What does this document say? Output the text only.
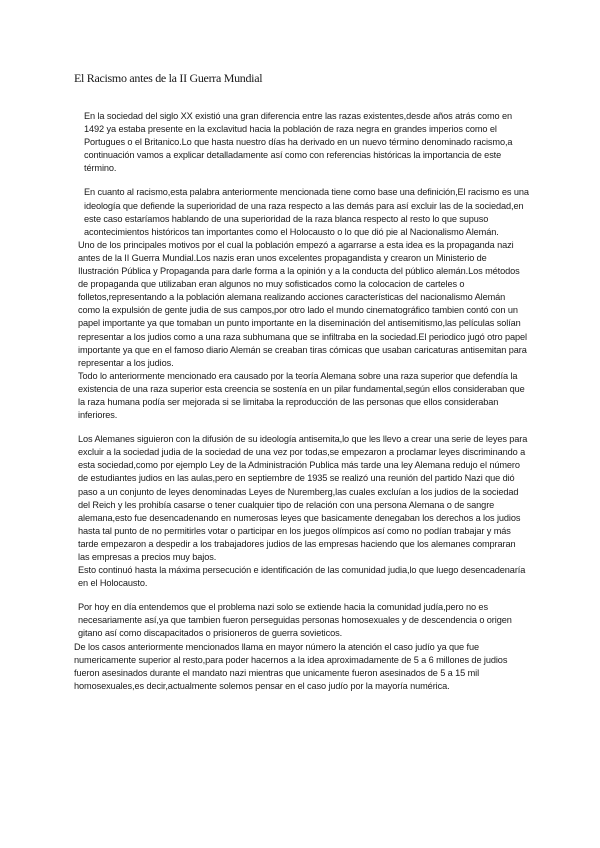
El Racismo antes de la II Guerra Mundial

En la sociedad del siglo XX existió una gran diferencia entre las razas existentes,desde años atrás como en 1492 ya estaba presente en la exclavitud hacia la población de raza negra en grandes imperios como el Portugues o el Britanico.Lo que hasta nuestro días ha derivado en un nuevo término denominado racismo,a continuación vamos a explicar detalladamente así como con referencias históricas la importancia de este término.

En cuanto al racismo,esta palabra anteriormente mencionada tiene como base una definición,El racismo es una ideología que defiende la superioridad de una raza respecto a las demás para así excluir las de la sociedad,en este caso estaríamos hablando de una superioridad de la raza blanca respecto al resto lo que supuso acontecimientos históricos tan importantes como el Holocausto o lo que dió pie al Nacionalismo Alemán.

Uno de los principales motivos por el cual la población empezó a agarrarse a esta idea es la propaganda nazi antes de la II Guerra Mundial.Los nazis eran unos excelentes propagandista y crearon un Ministerio de Ilustración Pública y Propaganda para darle forma a la opinión y a la conducta del público alemán.Los métodos de propaganda que utilizaban eran algunos no muy sofisticados como la colocacion de carteles o folletos,representando a la población alemana realizando acciones características del nacionalismo Alemán como la expulsión de gente judia de sus campos,por otro lado el mundo cinematográfico tambien contó con un papel importante ya que tomaban un punto importante en la diseminación del antisemitismo,las películas solían representar a los judios como a una raza subhumana que se infiltraba en la sociedad.El periodico jugó otro papel importante ya que en el famoso diario Alemán se creaban tiras cómicas que usaban caricaturas antisemitan para representar a los judios.

Todo lo anteriormente mencionado era causado por la teoría Alemana sobre una raza superior que defendía la existencia de una raza superior esta creencia se sostenía en un pilar fundamental,según ellos consideraban que la raza humana podía ser mejorada si se limitaba la reproducción de las personas que ellos consideraban inferiores.

Los Alemanes siguieron con la difusión de su ideología antisemita,lo que les llevo a crear una serie de leyes para excluir a la sociedad judia de la sociedad de una vez por todas,se empezaron a proclamar leyes discriminando a esta sociedad,como por ejemplo Ley de la Administración Publica más tarde una ley Alemana redujo el número de estudiantes judios en las aulas,pero en septiembre de 1935 se realizó una reunión del partido Nazi que dió paso a un conjunto de leyes denominadas Leyes de Nuremberg,las cuales excluían a los judios de la sociedad del Reich y les prohibía casarse o tener cualquier tipo de relación con una persona Alemana o de sangre alemana,esto fue desencadenando en numerosas leyes que basicamente denegaban los derechos a los judios hasta tal punto de no permitirles votar o participar en los juegos olímpicos así como no podían trabajar y más tarde empezaron a despedir a los trabajadores judios de las empresas haciendo que los alemanes compraran las empresas a precios muy bajos.

Esto continuó hasta la máxima persecución e identificación de las comunidad judia,lo que luego desencadenaría en el Holocausto.

Por hoy en día entendemos que el problema nazi solo se extiende hacia la comunidad judía,pero no es necesariamente así,ya que tambien fueron perseguidas personas homosexuales y de descendencia o origen gitano así como discapacitados o prisioneros de guerra sovieticos.

De los casos anteriormente mencionados llama en mayor número la atención el caso judío ya que fue numericamente superior al resto,para poder hacernos a la idea aproximadamente de 5 a 6 millones de judios fueron asesinados durante el mandato nazi mientras que unicamente fueron asesinados de 5 a 15 mil homosexuales,es decir,actualmente solemos pensar en el caso judío por la mayoría numérica.
